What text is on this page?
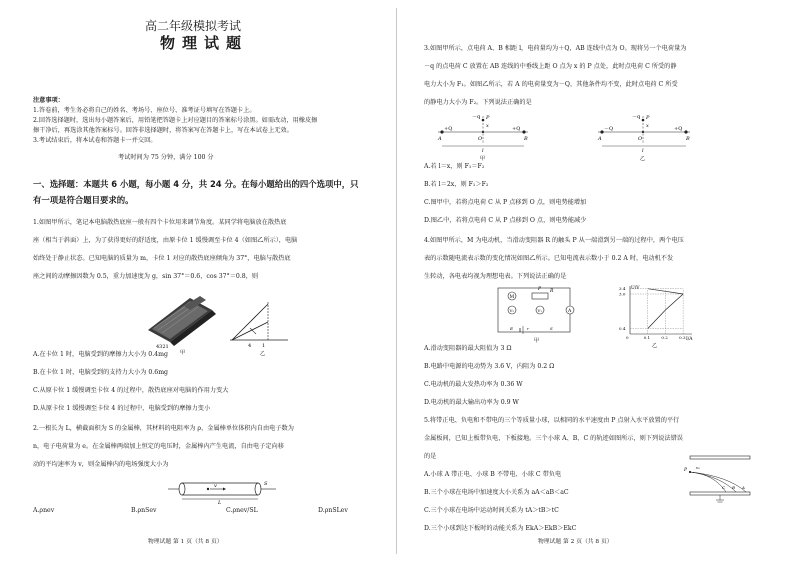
高二年级模拟考试
物理试题
注意事项：
1.答卷前，考生务必将自己的姓名、考场号、座位号、准考证号填写在答题卡上。
2.回答选择题时，选出每小题答案后，用铅笔把答题卡上对应题目的答案标号涂黑。如需改动，用橡皮擦
擦干净后，再选涂其他答案标号。回答非选择题时，将答案写在答题卡上，写在本试卷上无效。
3.考试结束后，将本试卷和答题卡一并交回。
考试时间为 75 分钟，满分 100 分
一、选择题：本题共 6 小题，每小题 4 分，共 24 分。在每小题给出的四个选项中，只
有一项是符合题目要求的。
1.如图甲所示，笔记本电脑散热底座一般有四个卡位用来调节角度。某同学将电脑放在散热底
座（相当于斜面）上，为了获得更好的舒适度，由原卡位 1 缓慢调至卡位 4（如图乙所示），电脑
始终处于静止状态。已知电脑的质量为 m，卡位 1 对应的散热底座倾角为 37°，电脑与散热底
座之间的动摩擦因数为 0.5，重力加速度为 g，sin 37°＝0.6，cos 37°＝0.8，则
4321
甲
4 1
乙
A.在卡位 1 时，电脑受到的摩擦力大小为 0.4mg
B.在卡位 1 时，电脑受到的支持力大小为 0.6mg
C.从原卡位 1 缓慢调至卡位 4 的过程中，散热底座对电脑的作用力变大
D.从原卡位 1 缓慢调至卡位 4 的过程中，电脑受到的摩擦力变小
2.一根长为 L，横截面积为 S 的金属棒，其材料的电阻率为 ρ，金属棒单位体积内自由电子数为
n，电子电荷量为 e。在金属棒两端加上恒定的电压时，金属棒内产生电流，自由电子定向移
动的平均速率为 v，则金属棒内的电场强度大小为
v	S
L
A.ρnev	B.ρnSev	C.ρnev/SL	D.ρnSLev
物理试题 第 1 页（共 8 页）
3.如图甲所示，点电荷 A、B 相距 l，电荷量均为＋Q，AB 连线中点为 O。现将另一个电荷量为
－q 的点电荷 C 放置在 AB 连线的中垂线上距 O 点为 x 的 P 点处，此时点电荷 C 所受的静
电力大小为 F₁。如图乙所示，若 A 的电荷量变为－Q，其他条件均不变，此时点电荷 C 所受
的静电力大小为 F₂。下列说法正确的是
－q P
x
+Q	+Q
A	O	B
l
甲
－q P
x
－Q	+Q
A	O	B
l
乙
A.若 l＝x，则 F₁＝F₂
B.若 l＝2x，则 F₁＞F₂
C.图甲中，若将点电荷 C 从 P 点移到 O 点，则电势能增加
D.图乙中，若将点电荷 C 从 P 点移到 O 点，则电势能减少
4.如图甲所示，M 为电动机，当滑动变阻器 R 的触头 P 从一端滑到另一端的过程中，两个电压
表的示数随电流表示数的变化情况如图乙所示。已知电流表示数小于 0.2 A 时，电动机不发
生转动，各电表均视为理想电表。下列说法正确的是
M
V₂	V₁	A
R
P
E	r	S
甲
0.1	0.2	0.3
0.4
3.0
3.4
0
U/V
I/A
乙
A.滑动变阻器的最大阻值为 3 Ω
B.电路中电源的电动势为 3.6 V，内阻为 0.2 Ω
C.电动机的最大发热功率为 0.36 W
D.电动机的最大输出功率为 0.9 W
5.将带正电、负电和不带电的三个等质量小球，以相同的水平速度由 P 点射入水平放置的平行
金属板间，已知上板带负电，下板接地。三个小球 A、B、C 的轨迹如图所示，则下列说法错误
的是
A.小球 A 带正电、小球 B 不带电、小球 C 带负电
B.三个小球在电场中加速度大小关系为 aA＜aB＜aC
C.三个小球在电场中运动时间关系为 tA＞tB＞tC
D.三个小球到达下板时的动能关系为 EkA＞EkB＞EkC
P
v₀
C B A
物理试题 第 2 页（共 8 页）
